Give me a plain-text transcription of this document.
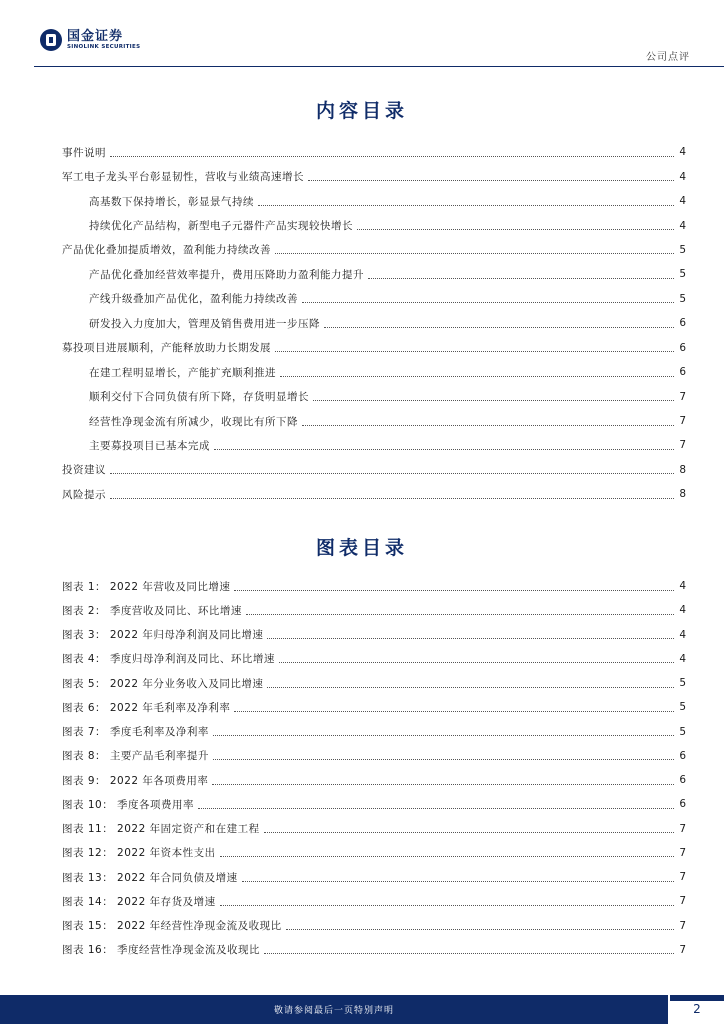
国金证券
SINOLINK SECURITIES
公司点评
内容目录
事件说明	4
军工电子龙头平台彰显韧性，营收与业绩高速增长	4
高基数下保持增长，彰显景气持续	4
持续优化产品结构，新型电子元器件产品实现较快增长	4
产品优化叠加提质增效，盈利能力持续改善	5
产品优化叠加经营效率提升，费用压降助力盈利能力提升	5
产线升级叠加产品优化，盈利能力持续改善	5
研发投入力度加大，管理及销售费用进一步压降	6
募投项目进展顺利，产能释放助力长期发展	6
在建工程明显增长，产能扩充顺利推进	6
顺利交付下合同负债有所下降，存货明显增长	7
经营性净现金流有所减少，收现比有所下降	7
主要募投项目已基本完成	7
投资建议	8
风险提示	8
图表目录
图表 1： 2022 年营收及同比增速	4
图表 2： 季度营收及同比、环比增速	4
图表 3： 2022 年归母净利润及同比增速	4
图表 4： 季度归母净利润及同比、环比增速	4
图表 5： 2022 年分业务收入及同比增速	5
图表 6： 2022 年毛利率及净利率	5
图表 7： 季度毛利率及净利率	5
图表 8： 主要产品毛利率提升	6
图表 9： 2022 年各项费用率	6
图表 10： 季度各项费用率	6
图表 11： 2022 年固定资产和在建工程	7
图表 12： 2022 年资本性支出	7
图表 13： 2022 年合同负债及增速	7
图表 14： 2022 年存货及增速	7
图表 15： 2022 年经营性净现金流及收现比	7
图表 16： 季度经营性净现金流及收现比	7
敬请参阅最后一页特别声明	2
